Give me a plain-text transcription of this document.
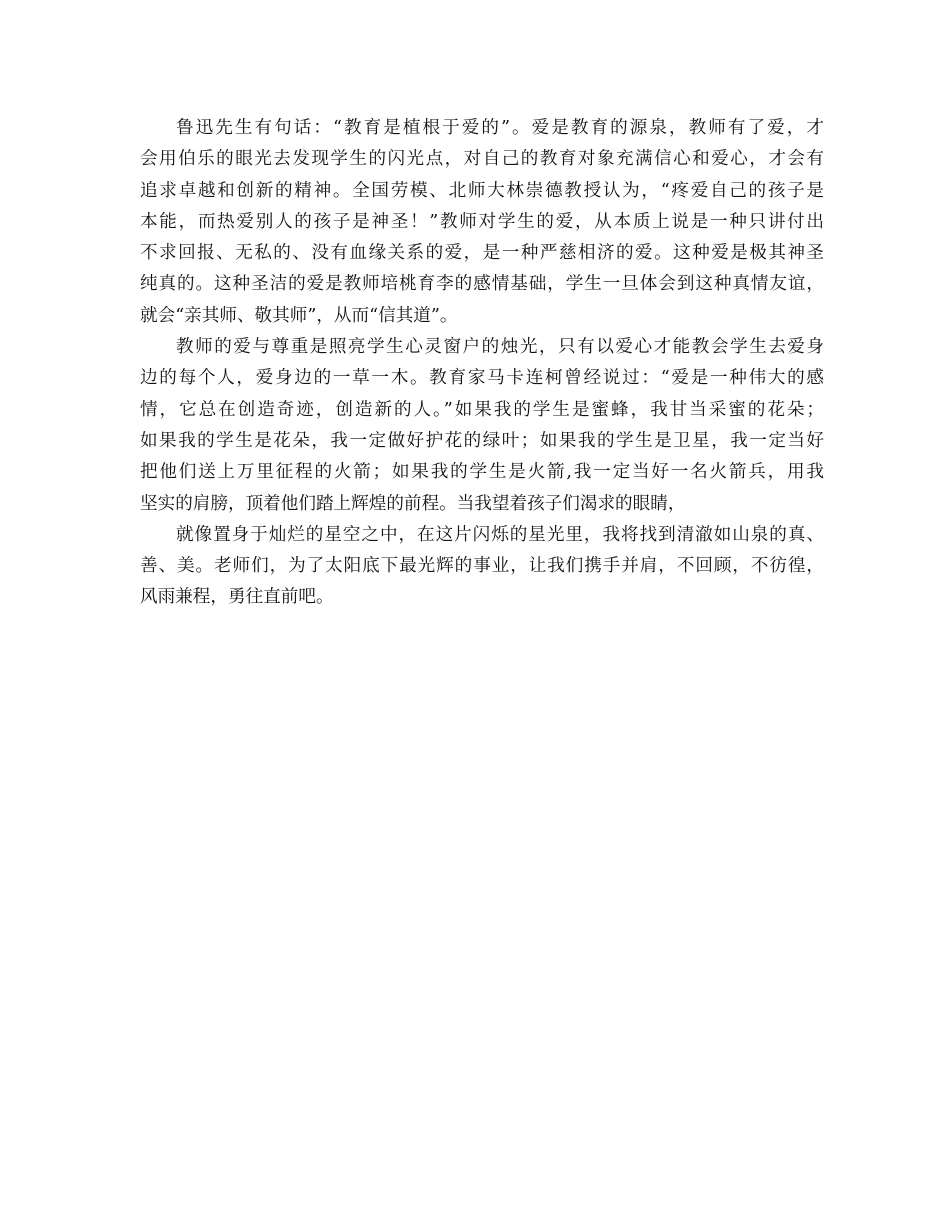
鲁迅先生有句话：“教育是植根于爱的”。爱是教育的源泉，教师有了爱，才
会用伯乐的眼光去发现学生的闪光点，对自己的教育对象充满信心和爱心，才会有
追求卓越和创新的精神。全国劳模、北师大林崇德教授认为，“疼爱自己的孩子是
本能，而热爱别人的孩子是神圣！”教师对学生的爱，从本质上说是一种只讲付出
不求回报、无私的、没有血缘关系的爱，是一种严慈相济的爱。这种爱是极其神圣
纯真的。这种圣洁的爱是教师培桃育李的感情基础，学生一旦体会到这种真情友谊，
就会“亲其师、敬其师”，从而“信其道”。
教师的爱与尊重是照亮学生心灵窗户的烛光，只有以爱心才能教会学生去爱身
边的每个人，爱身边的一草一木。教育家马卡连柯曾经说过：“爱是一种伟大的感
情，它总在创造奇迹，创造新的人。”如果我的学生是蜜蜂，我甘当采蜜的花朵；
如果我的学生是花朵，我一定做好护花的绿叶；如果我的学生是卫星，我一定当好
把他们送上万里征程的火箭；如果我的学生是火箭,我一定当好一名火箭兵，用我
坚实的肩膀，顶着他们踏上辉煌的前程。当我望着孩子们渴求的眼睛，
就像置身于灿烂的星空之中，在这片闪烁的星光里，我将找到清澈如山泉的真、
善、美。老师们，为了太阳底下最光辉的事业，让我们携手并肩，不回顾，不彷徨，
风雨兼程，勇往直前吧。
